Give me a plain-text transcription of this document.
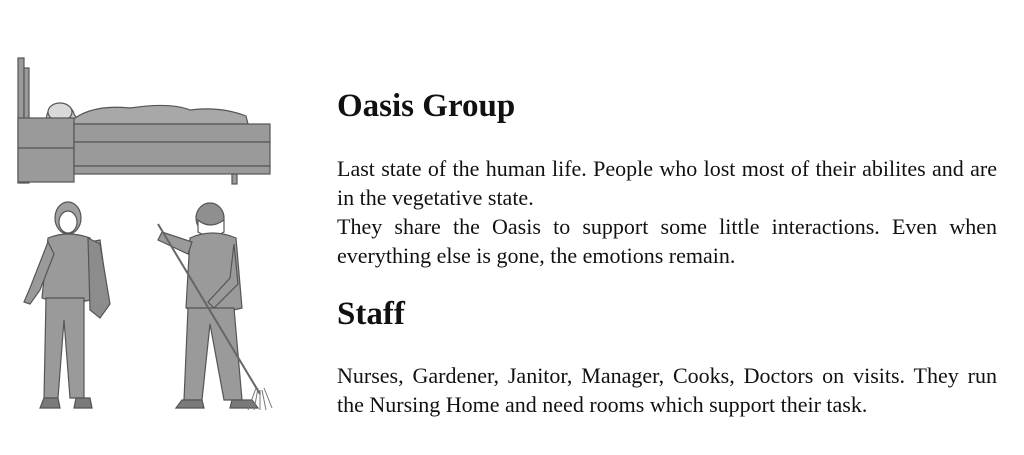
Oasis Group

Last state of the human life. People who lost most of their abilites and are in the vegetative state.

They share the Oasis to support some little interactions. Even when everything else is gone, the emotions remain.

Staff

Nurses, Gardener, Janitor, Manager, Cooks, Doctors on visits. They run the Nursing Home and need rooms which support their task.
